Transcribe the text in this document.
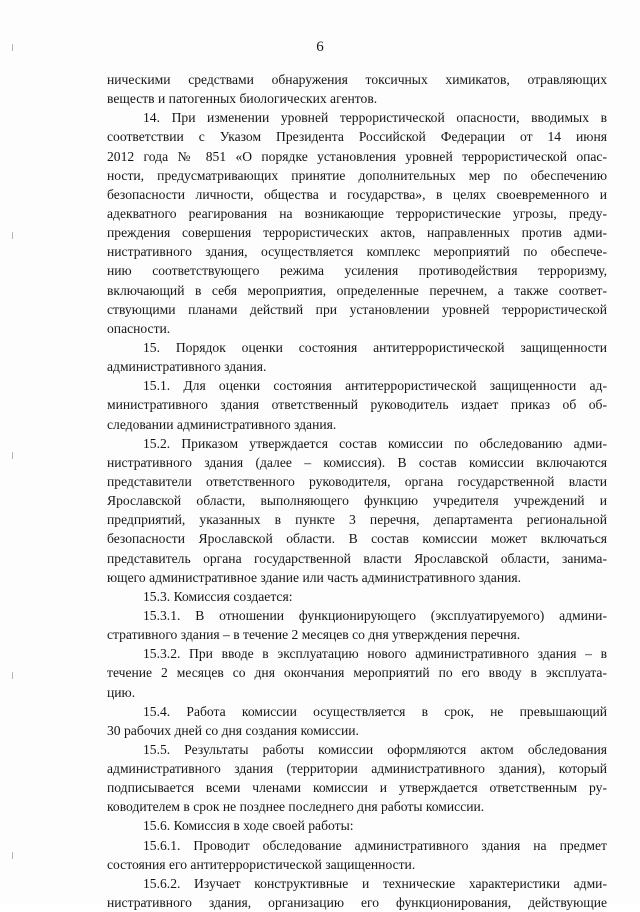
6
ническими средствами обнаружения токсичных химикатов, отравляющих
веществ и патогенных биологических агентов.
14. При изменении уровней террористической опасности, вводимых в
соответствии с Указом Президента Российской Федерации от 14 июня
2012 года № 851 «О порядке установления уровней террористической опас-
ности, предусматривающих принятие дополнительных мер по обеспечению
безопасности личности, общества и государства», в целях своевременного и
адекватного реагирования на возникающие террористические угрозы, преду-
преждения совершения террористических актов, направленных против адми-
нистративного здания, осуществляется комплекс мероприятий по обеспече-
нию соответствующего режима усиления противодействия терроризму,
включающий в себя мероприятия, определенные перечнем, а также соответ-
ствующими планами действий при установлении уровней террористической
опасности.
15. Порядок оценки состояния антитеррористической защищенности
административного здания.
15.1. Для оценки состояния антитеррористической защищенности ад-
министративного здания ответственный руководитель издает приказ об об-
следовании административного здания.
15.2. Приказом утверждается состав комиссии по обследованию адми-
нистративного здания (далее – комиссия). В состав комиссии включаются
представители ответственного руководителя, органа государственной власти
Ярославской области, выполняющего функцию учредителя учреждений и
предприятий, указанных в пункте 3 перечня, департамента региональной
безопасности Ярославской области. В состав комиссии может включаться
представитель органа государственной власти Ярославской области, занима-
ющего административное здание или часть административного здания.
15.3. Комиссия создается:
15.3.1. В отношении функционирующего (эксплуатируемого) админи-
стративного здания – в течение 2 месяцев со дня утверждения перечня.
15.3.2. При вводе в эксплуатацию нового административного здания – в
течение 2 месяцев со дня окончания мероприятий по его вводу в эксплуата-
цию.
15.4. Работа комиссии осуществляется в срок, не превышающий
30 рабочих дней со дня создания комиссии.
15.5. Результаты работы комиссии оформляются актом обследования
административного здания (территории административного здания), который
подписывается всеми членами комиссии и утверждается ответственным ру-
ководителем в срок не позднее последнего дня работы комиссии.
15.6. Комиссия в ходе своей работы:
15.6.1. Проводит обследование административного здания на предмет
состояния его антитеррористической защищенности.
15.6.2. Изучает конструктивные и технические характеристики адми-
нистративного здания, организацию его функционирования, действующие
